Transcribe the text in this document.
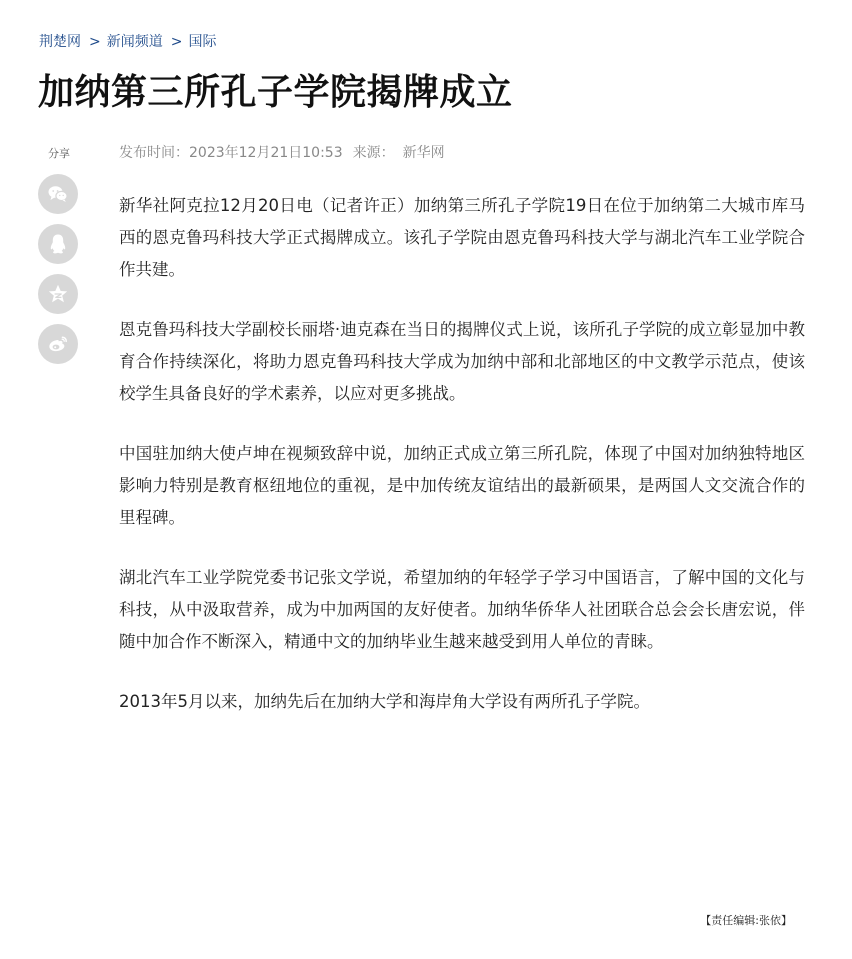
荆楚网 > 新闻频道 > 国际
加纳第三所孔子学院揭牌成立
分享	发布时间：2023年12月21日10:53 来源： 新华网

新华社阿克拉12月20日电（记者许正）加纳第三所孔子学院19日在位于加纳第二大城市库马西的恩克鲁玛科技大学正式揭牌成立。该孔子学院由恩克鲁玛科技大学与湖北汽车工业学院合作共建。

恩克鲁玛科技大学副校长丽塔·迪克森在当日的揭牌仪式上说，该所孔子学院的成立彰显加中教育合作持续深化，将助力恩克鲁玛科技大学成为加纳中部和北部地区的中文教学示范点，使该校学生具备良好的学术素养，以应对更多挑战。

中国驻加纳大使卢坤在视频致辞中说，加纳正式成立第三所孔院，体现了中国对加纳独特地区影响力特别是教育枢纽地位的重视，是中加传统友谊结出的最新硕果，是两国人文交流合作的里程碑。

湖北汽车工业学院党委书记张文学说，希望加纳的年轻学子学习中国语言，了解中国的文化与科技，从中汲取营养，成为中加两国的友好使者。加纳华侨华人社团联合总会会长唐宏说，伴随中加合作不断深入，精通中文的加纳毕业生越来越受到用人单位的青睐。

2013年5月以来，加纳先后在加纳大学和海岸角大学设有两所孔子学院。

【责任编辑:张依】
